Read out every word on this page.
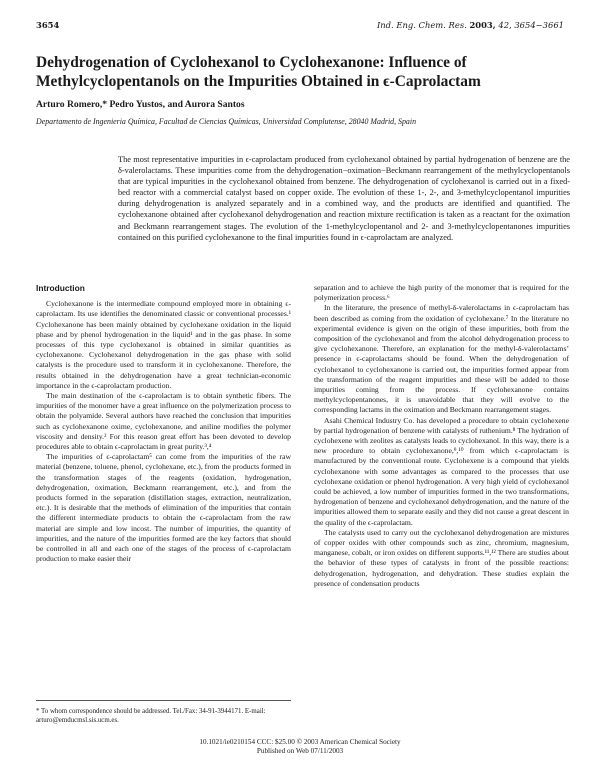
3654	Ind. Eng. Chem. Res. 2003, 42, 3654−3661
Dehydrogenation of Cyclohexanol to Cyclohexanone: Influence of Methylcyclopentanols on the Impurities Obtained in ϵ-Caprolactam
Arturo Romero,* Pedro Yustos, and Aurora Santos
Departamento de Ingenieria Química, Facultad de Ciencias Químicas, Universidad Complutense, 28040 Madrid, Spain
The most representative impurities in ϵ-caprolactam produced from cyclohexanol obtained by partial hydrogenation of benzene are the δ-valerolactams. These impurities come from the dehydrogenation−oximation−Beckmann rearrangement of the methylcyclopentanols that are typical impurities in the cyclohexanol obtained from benzene. The dehydrogenation of cyclohexanol is carried out in a fixed-bed reactor with a commercial catalyst based on copper oxide. The evolution of these 1-, 2-, and 3-methylcyclopentanol impurities during dehydrogenation is analyzed separately and in a combined way, and the products are identified and quantified. The cyclohexanone obtained after cyclohexanol dehydrogenation and reaction mixture rectification is taken as a reactant for the oximation and Beckmann rearrangement stages. The evolution of the 1-methylcyclopentanol and 2- and 3-methylcyclopentanones impurities contained on this purified cyclohexanone to the final impurities found in ϵ-caprolactam are analyzed.
Introduction

Cyclohexanone is the intermediate compound employed more in obtaining ϵ-caprolactam. Its use identifies the denominated classic or conventional processes.¹ Cyclohexanone has been mainly obtained by cyclohexane oxidation in the liquid phase and by phenol hydrogenation in the liquid¹ and in the gas phase. In some processes of this type cyclohexanol is obtained in similar quantities as cyclohexanone. Cyclohexanol dehydrogenation in the gas phase with solid catalysts is the procedure used to transform it in cyclohexanone. Therefore, the results obtained in the dehydrogenation have a great technician-economic importance in the ϵ-caprolactam production.

The main destination of the ϵ-caprolactam is to obtain synthetic fibers. The impurities of the monomer have a great influence on the polymerization process to obtain the polyamide. Several authors have reached the conclusion that impurities such as cyclohexanone oxime, cyclohexanone, and aniline modifies the polymer viscosity and density.² For this reason great effort has been devoted to develop procedures able to obtain ϵ-caprolactam in great purity.³,⁴

The impurities of ϵ-caprolactam⁵ can come from the impurities of the raw material (benzene, toluene, phenol, cyclohexane, etc.), from the products formed in the transformation stages of the reagents (oxidation, hydrogenation, dehydrogenation, oximation, Beckmann rearrangement, etc.), and from the products formed in the separation (distillation stages, extraction, neutralization, etc.). It is desirable that the methods of elimination of the impurities that contain the different intermediate products to obtain the ϵ-caprolactam from the raw material are simple and low incost. The number of impurities, the quantity of impurities, and the nature of the impurities formed are the key factors that should be controlled in all and each one of the stages of the process of ϵ-caprolactam production to make easier their

separation and to achieve the high purity of the monomer that is required for the polymerization process.⁶

In the literature, the presence of methyl-δ-valerolactams in ϵ-caprolactam has been described as coming from the oxidation of cyclohexane.⁷ In the literature no experimental evidence is given on the origin of these impurities, both from the composition of the cyclohexanol and from the alcohol dehydrogenation process to give cyclohexanone. Therefore, an explanation for the methyl-δ-valerolactams’ presence in ϵ-caprolactams should be found. When the dehydrogenation of cyclohexanol to cyclohexanone is carried out, the impurities formed appear from the transformation of the reagent impurities and these will be added to those impurities coming from the process. If cyclohexanone contains methylcyclopentanones, it is unavoidable that they will evolve to the corresponding lactams in the oximation and Beckmann rearrangement stages.

Asahi Chemical Industry Co. has developed a procedure to obtain cyclohexene by partial hydrogenation of benzene with catalysts of ruthenium.⁸ The hydration of cyclohexene with zeolites as catalysts leads to cyclohexanol. In this way, there is a new procedure to obtain cyclohexanone,⁹,¹⁰ from which ϵ-caprolactam is manufactured by the conventional route. Cyclohexene is a compound that yields cyclohexanone with some advantages as compared to the processes that use cyclohexane oxidation or phenol hydrogenation. A very high yield of cyclohexanol could be achieved, a low number of impurities formed in the two transformations, hydrogenation of benzene and cyclohexanol dehydrogenation, and the nature of the impurities allowed them to separate easily and they did not cause a great descent in the quality of the ϵ-caprolactam.

The catalysts used to carry out the cyclohexanol dehydrogenation are mixtures of copper oxides with other compounds such as zinc, chromium, magnesium, manganese, cobalt, or iron oxides on different supports.¹¹,¹² There are studies about the behavior of these types of catalysts in front of the possible reactions: dehydrogenation, hydrogenation, and dehydration. These studies explain the presence of condensation products

* To whom correspondence should be addressed. Tel./Fax: 34-91-3944171. E-mail: arturo@emducmsl.sis.ucm.es.
10.1021/ie0210154 CCC: $25.00 © 2003 American Chemical Society
Published on Web 07/11/2003
